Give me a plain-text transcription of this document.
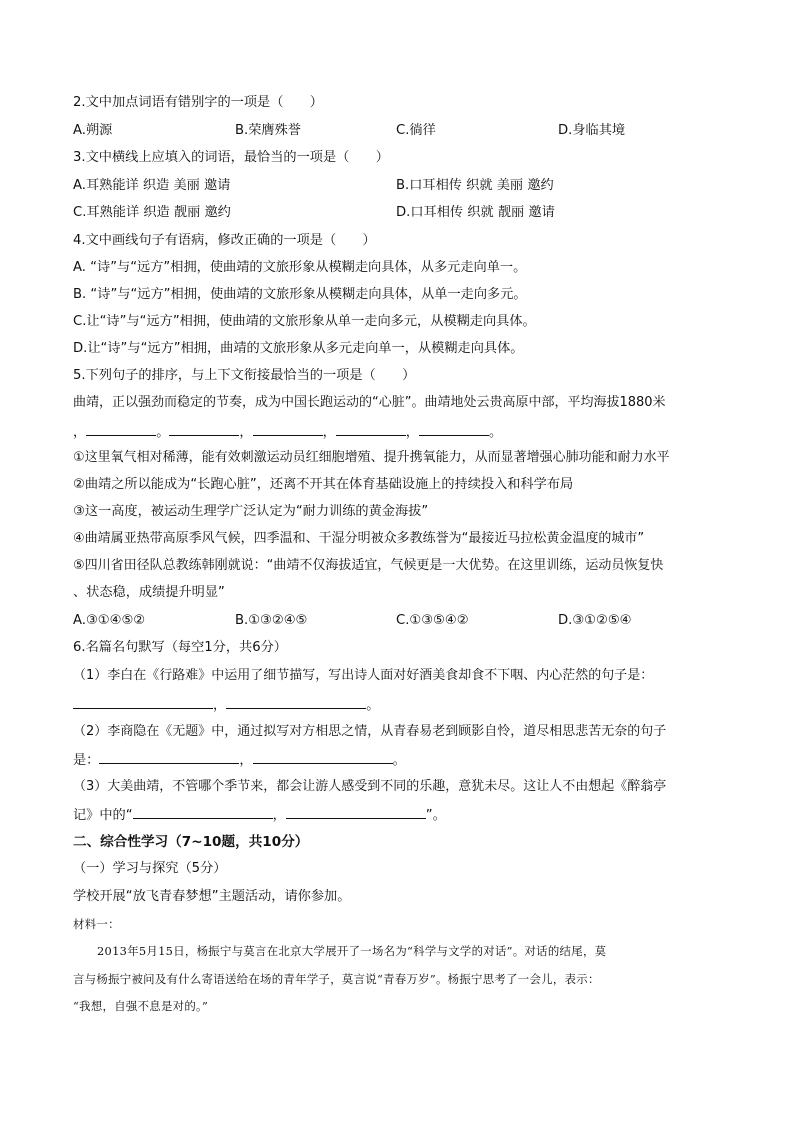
2.文中加点词语有错别字的一项是（　　）
A.朔源	B.荣膺殊誉	C.徜徉	D.身临其境
3.文中横线上应填入的词语，最恰当的一项是（　　）
A.耳熟能详 织造 美丽 邀请	B.口耳相传 织就 美丽 邀约
C.耳熟能详 织造 靓丽 邀约	D.口耳相传 织就 靓丽 邀请
4.文中画线句子有语病，修改正确的一项是（　　）
A. “诗”与“远方”相拥，使曲靖的文旅形象从模糊走向具体，从多元走向单一。
B. “诗”与“远方”相拥，使曲靖的文旅形象从模糊走向具体，从单一走向多元。
C.让“诗”与“远方”相拥，使曲靖的文旅形象从单一走向多元，从模糊走向具体。
D.让“诗”与“远方”相拥，曲靖的文旅形象从多元走向单一，从模糊走向具体。
5.下列句子的排序，与上下文衔接最恰当的一项是（　　）
曲靖，正以强劲而稳定的节奏，成为中国长跑运动的“心脏”。曲靖地处云贵高原中部，平均海拔1880米
，	。	，	，	，	。
①这里氧气相对稀薄，能有效刺激运动员红细胞增殖、提升携氧能力，从而显著增强心肺功能和耐力水平
②曲靖之所以能成为“长跑心脏”，还离不开其在体育基础设施上的持续投入和科学布局
③这一高度，被运动生理学广泛认定为“耐力训练的黄金海拔”
④曲靖属亚热带高原季风气候，四季温和、干湿分明被众多教练誉为“最接近马拉松黄金温度的城市”
⑤四川省田径队总教练韩刚就说：“曲靖不仅海拔适宜，气候更是一大优势。在这里训练，运动员恢复快
、状态稳，成绩提升明显”
A.③①④⑤②	B.①③②④⑤	C.①③⑤④②	D.③①②⑤④
6.名篇名句默写（每空1分，共6分）
（1）李白在《行路难》中运用了细节描写，写出诗人面对好酒美食却食不下咽、内心茫然的句子是：
，	。
（2）李商隐在《无题》中，通过拟写对方相思之情，从青春易老到顾影自怜，道尽相思悲苦无奈的句子
是：	，	。
（3）大美曲靖，不管哪个季节来，都会让游人感受到不同的乐趣，意犹未尽。这让人不由想起《醉翁亭
记》中的“	，	”。
二、综合性学习（7~10题，共10分）
（一）学习与探究（5分）
学校开展“放飞青春梦想”主题活动，请你参加。
材料一：
2013年5月15日，杨振宁与莫言在北京大学展开了一场名为“科学与文学的对话”。对话的结尾，莫
言与杨振宁被问及有什么寄语送给在场的青年学子，莫言说“青春万岁”。杨振宁思考了一会儿，表示：
“我想，自强不息是对的。”
